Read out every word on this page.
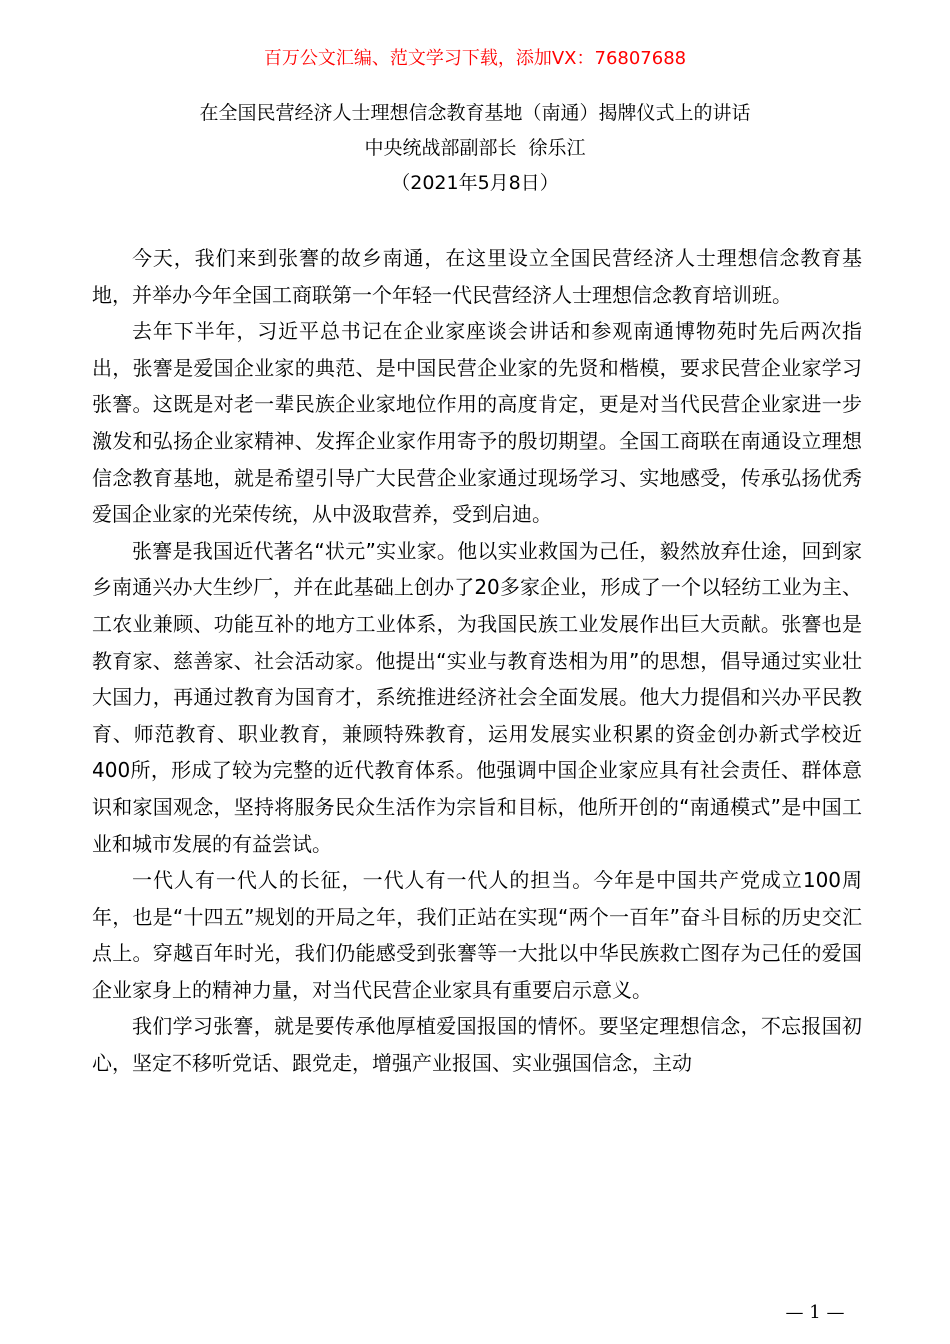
百万公文汇编、范文学习下载，添加VX：76807688
在全国民营经济人士理想信念教育基地（南通）揭牌仪式上的讲话
中央统战部副部长  徐乐江
（2021年5月8日）

今天，我们来到张謇的故乡南通，在这里设立全国民营经济人士理想信念教育基地，并举办今年全国工商联第一个年轻一代民营经济人士理想信念教育培训班。

去年下半年，习近平总书记在企业家座谈会讲话和参观南通博物苑时先后两次指出，张謇是爱国企业家的典范、是中国民营企业家的先贤和楷模，要求民营企业家学习张謇。这既是对老一辈民族企业家地位作用的高度肯定，更是对当代民营企业家进一步激发和弘扬企业家精神、发挥企业家作用寄予的殷切期望。全国工商联在南通设立理想信念教育基地，就是希望引导广大民营企业家通过现场学习、实地感受，传承弘扬优秀爱国企业家的光荣传统，从中汲取营养，受到启迪。

张謇是我国近代著名“状元”实业家。他以实业救国为己任，毅然放弃仕途，回到家乡南通兴办大生纱厂，并在此基础上创办了20多家企业，形成了一个以轻纺工业为主、工农业兼顾、功能互补的地方工业体系，为我国民族工业发展作出巨大贡献。张謇也是教育家、慈善家、社会活动家。他提出“实业与教育迭相为用”的思想，倡导通过实业壮大国力，再通过教育为国育才，系统推进经济社会全面发展。他大力提倡和兴办平民教育、师范教育、职业教育，兼顾特殊教育，运用发展实业积累的资金创办新式学校近400所，形成了较为完整的近代教育体系。他强调中国企业家应具有社会责任、群体意识和家国观念，坚持将服务民众生活作为宗旨和目标，他所开创的“南通模式”是中国工业和城市发展的有益尝试。

一代人有一代人的长征，一代人有一代人的担当。今年是中国共产党成立100周年，也是“十四五”规划的开局之年，我们正站在实现“两个一百年”奋斗目标的历史交汇点上。穿越百年时光，我们仍能感受到张謇等一大批以中华民族救亡图存为己任的爱国企业家身上的精神力量，对当代民营企业家具有重要启示意义。

我们学习张謇，就是要传承他厚植爱国报国的情怀。要坚定理想信念，不忘报国初心，坚定不移听党话、跟党走，增强产业报国、实业强国信念，主动

— 1 —
